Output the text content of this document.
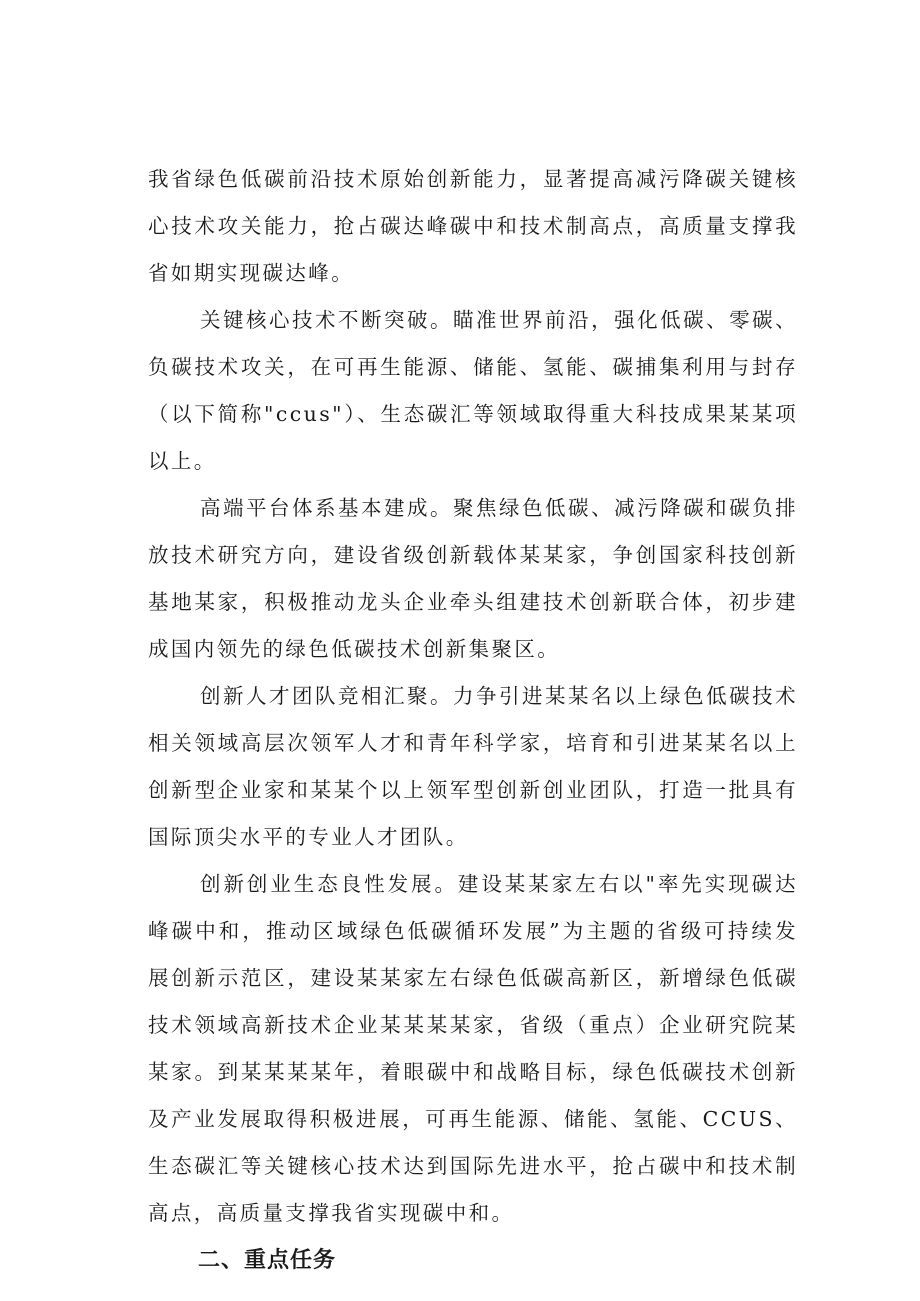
我省绿色低碳前沿技术原始创新能力，显著提高减污降碳关键核心技术攻关能力，抢占碳达峰碳中和技术制高点，高质量支撑我省如期实现碳达峰。

关键核心技术不断突破。瞄准世界前沿，强化低碳、零碳、负碳技术攻关，在可再生能源、储能、氢能、碳捕集利用与封存（以下简称"ccus"）、生态碳汇等领域取得重大科技成果某某项以上。

高端平台体系基本建成。聚焦绿色低碳、减污降碳和碳负排放技术研究方向，建设省级创新载体某某家，争创国家科技创新基地某家，积极推动龙头企业牵头组建技术创新联合体，初步建成国内领先的绿色低碳技术创新集聚区。

创新人才团队竞相汇聚。力争引进某某名以上绿色低碳技术相关领域高层次领军人才和青年科学家，培育和引进某某名以上创新型企业家和某某个以上领军型创新创业团队，打造一批具有国际顶尖水平的专业人才团队。

创新创业生态良性发展。建设某某家左右以"率先实现碳达峰碳中和，推动区域绿色低碳循环发展”为主题的省级可持续发展创新示范区，建设某某家左右绿色低碳高新区，新增绿色低碳技术领域高新技术企业某某某某家，省级（重点）企业研究院某某家。到某某某某年，着眼碳中和战略目标，绿色低碳技术创新及产业发展取得积极进展，可再生能源、储能、氢能、CCUS、生态碳汇等关键核心技术达到国际先进水平，抢占碳中和技术制高点，高质量支撑我省实现碳中和。

二、重点任务
